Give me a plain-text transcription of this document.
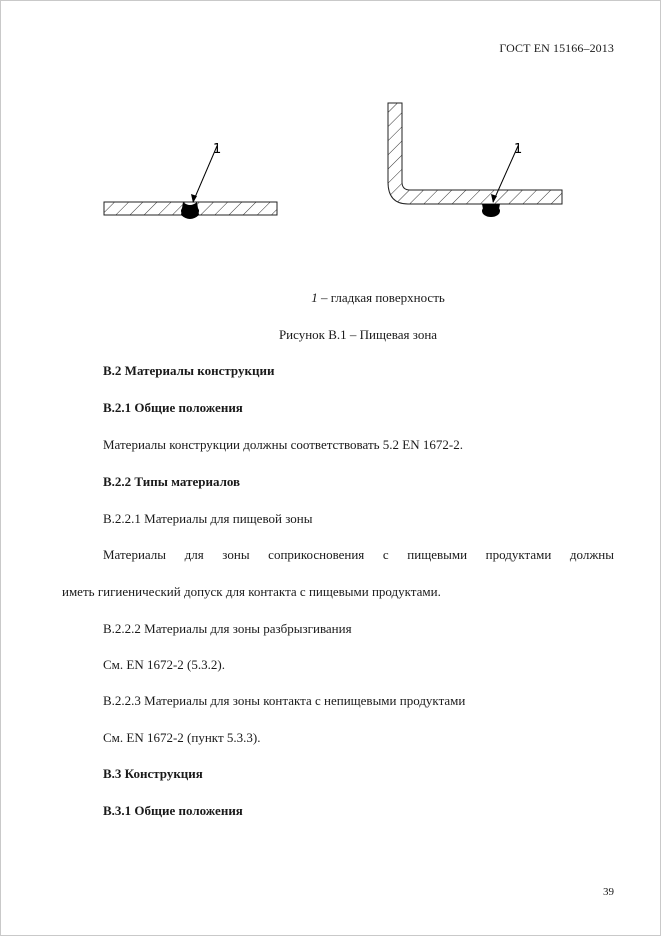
ГОСТ EN 15166–2013
1	1
1 – гладкая поверхность
Рисунок В.1 – Пищевая зона
В.2 Материалы конструкции
В.2.1 Общие положения
Материалы конструкции должны соответствовать 5.2 EN 1672-2.
В.2.2 Типы материалов
В.2.2.1 Материалы для пищевой зоны
Материалы для зоны соприкосновения с пищевыми продуктами должны
иметь гигиенический допуск для контакта с пищевыми продуктами.
В.2.2.2 Материалы для зоны разбрызгивания
См. EN 1672-2 (5.3.2).
В.2.2.3 Материалы для зоны контакта с непищевыми продуктами
См. EN 1672-2 (пункт 5.3.3).
В.3 Конструкция
В.3.1 Общие положения
39
